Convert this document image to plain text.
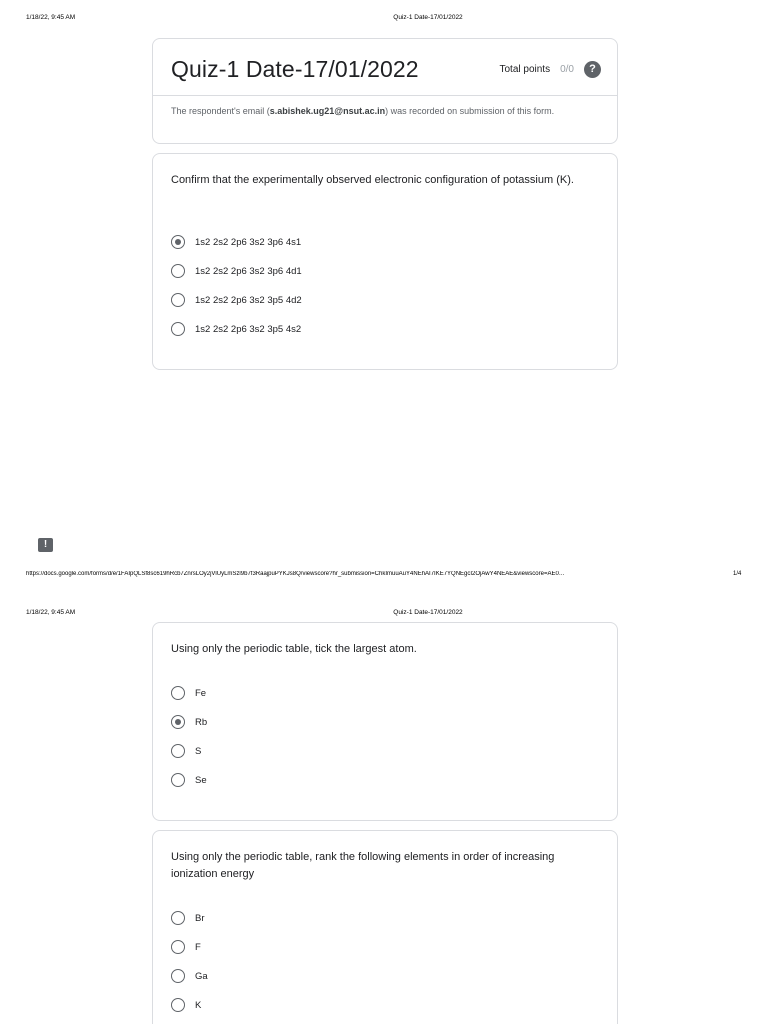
1/18/22, 9:45 AM	Quiz-1 Date-17/01/2022
Quiz-1 Date-17/01/2022	Total points 0/0	?
The respondent's email (s.abishek.ug21@nsut.ac.in) was recorded on submission of this form.
Confirm that the experimentally observed electronic configuration of potassium (K).
1s2 2s2 2p6 3s2 3p6 4s1
1s2 2s2 2p6 3s2 3p6 4d1
1s2 2s2 2p6 3s2 3p5 4d2
1s2 2s2 2p6 3s2 3p5 4s2
!
https://docs.google.com/forms/d/e/1FAIpQLSf8sc619hRcb7ZnrsLOy2jVlUyLmSzl9b7f3RaajpuPYKJs8Q/viewscore?hr_submission=ChkImuuAuY4NEhAI7IKE7YQNEgcI2OjAwY4NEAE&viewscore=AE0…	1/4
1/18/22, 9:45 AM	Quiz-1 Date-17/01/2022
Using only the periodic table, tick the largest atom.
Fe
Rb
S
Se
Using only the periodic table, rank the following elements in order of increasing ionization energy
Br
F
Ga
K
